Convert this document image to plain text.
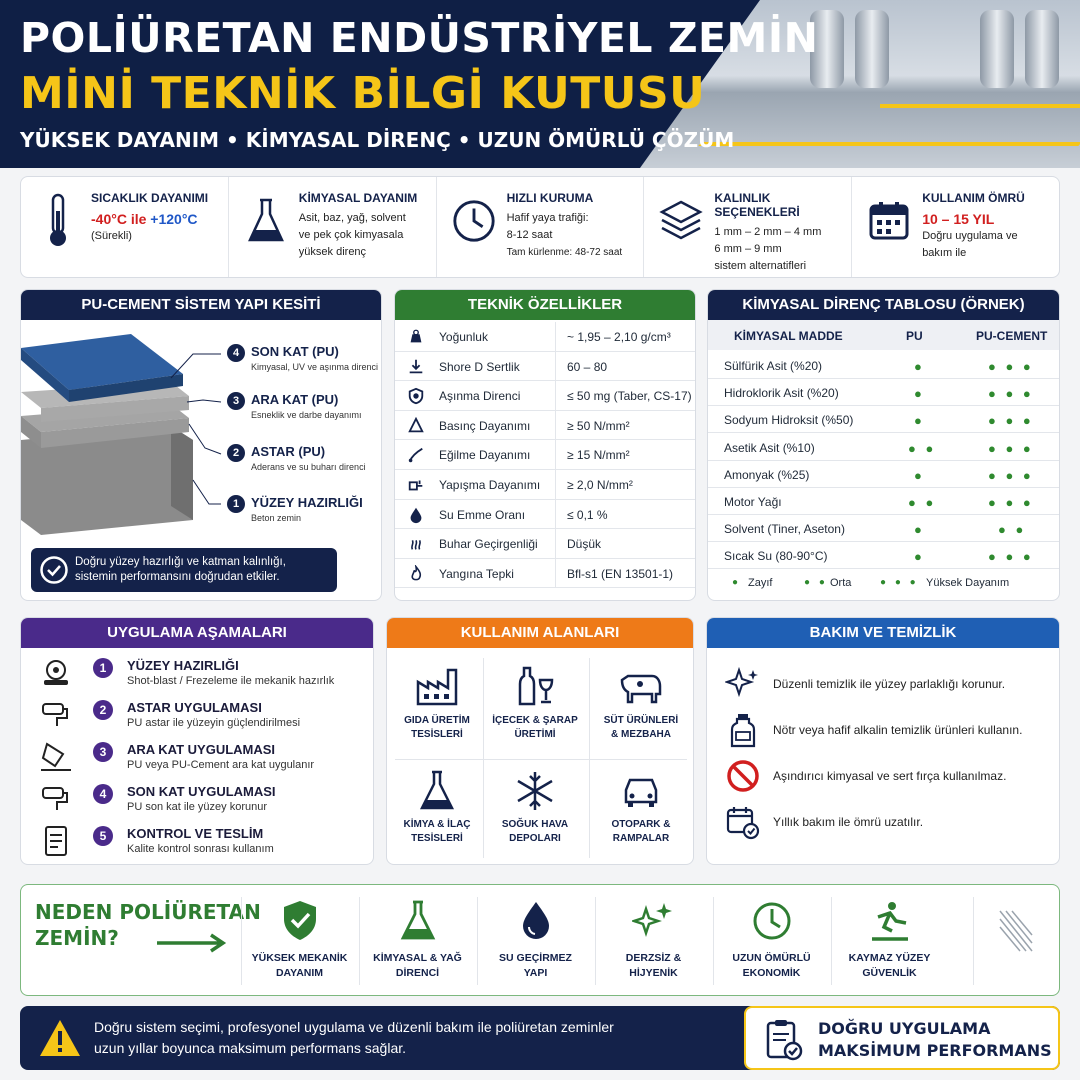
POLİÜRETAN ENDÜSTRİYEL ZEMİN
MİNİ TEKNİK BİLGİ KUTUSU
YÜKSEK DAYANIM • KİMYASAL DİRENÇ • UZUN ÖMÜRLÜ ÇÖZÜM
SICAKLIK DAYANIMI
-40°C ile +120°C
(Sürekli)
KİMYASAL DAYANIM
Asit, baz, yağ, solvent
ve pek çok kimyasala
yüksek direnç
HIZLI KURUMA
Hafif yaya trafiği:
8-12 saat
Tam kürlenme: 48-72 saat
KALINLIK SEÇENEKLERİ
1 mm – 2 mm – 4 mm
6 mm – 9 mm
sistem alternatifleri
KULLANIM ÖMRÜ
10 – 15 YIL
Doğru uygulama ve
bakım ile
PU-CEMENT SİSTEM YAPI KESİTİ
4 SON KAT (PU)
Kimyasal, UV ve aşınma direnci
3 ARA KAT (PU)
Esneklik ve darbe dayanımı
2 ASTAR (PU)
Aderans ve su buharı direnci
1 YÜZEY HAZIRLIĞI
Beton zemin
Doğru yüzey hazırlığı ve katman kalınlığı,
sistemin performansını doğrudan etkiler.
TEKNİK ÖZELLİKLER
Yoğunluk	~ 1,95 – 2,10 g/cm³
Shore D Sertlik	60 – 80
Aşınma Direnci	≤ 50 mg (Taber, CS-17)
Basınç Dayanımı	≥ 50 N/mm²
Eğilme Dayanımı	≥ 15 N/mm²
Yapışma Dayanımı ≥ 2,0 N/mm²
Su Emme Oranı	≤ 0,1 %
Buhar Geçirgenliği Düşük
Yangına Tepki	Bfl-s1 (EN 13501-1)
KİMYASAL DİRENÇ TABLOSU (ÖRNEK)
KİMYASAL MADDE	PU	PU-CEMENT
Sülfürik Asit (%20)	●	● ● ●
Hidroklorik Asit (%20)	●	● ● ●
Sodyum Hidroksit (%50)	●	● ● ●
Asetik Asit (%10)	● ●	● ● ●
Amonyak (%25)	●	● ● ●
Motor Yağı	● ●	● ● ●
Solvent (Tiner, Aseton)	●	● ●
Sıcak Su (80-90°C)	●	● ● ●
● Zayıf	● ● Orta	● ● ● Yüksek Dayanım
UYGULAMA AŞAMALARI
1	YÜZEY HAZIRLIĞI
Shot-blast / Frezeleme ile mekanik hazırlık
2	ASTAR UYGULAMASI
PU astar ile yüzeyin güçlendirilmesi
3	ARA KAT UYGULAMASI
PU veya PU-Cement ara kat uygulanır
4	SON KAT UYGULAMASI
PU son kat ile yüzey korunur
5	KONTROL VE TESLİM
Kalite kontrol sonrası kullanım
KULLANIM ALANLARI
GIDA ÜRETİM
TESİSLERİ
İÇECEK & ŞARAP
ÜRETİMİ
SÜT ÜRÜNLERİ
& MEZBAHA
KİMYA & İLAÇ
TESİSLERİ
SOĞUK HAVA
DEPOLARI
OTOPARK &
RAMPALAR
BAKIM VE TEMİZLİK
Düzenli temizlik ile yüzey parlaklığı korunur.
Nötr veya hafif alkalin temizlik ürünleri kullanın.
Aşındırıcı kimyasal ve sert fırça kullanılmaz.
Yıllık bakım ile ömrü uzatılır.
NEDEN POLİÜRETAN
ZEMİN?
YÜKSEK MEKANİK
DAYANIM
KİMYASAL & YAĞ
DİRENCİ
SU GEÇİRMEZ
YAPI
DERZSİZ &
HİJYENİK
UZUN ÖMÜRLÜ
EKONOMİK
KAYMAZ YÜZEY
GÜVENLİK
Doğru sistem seçimi, profesyonel uygulama ve düzenli bakım ile poliüretan zeminler
uzun yıllar boyunca maksimum performans sağlar.
DOĞRU UYGULAMA
MAKSİMUM PERFORMANS
